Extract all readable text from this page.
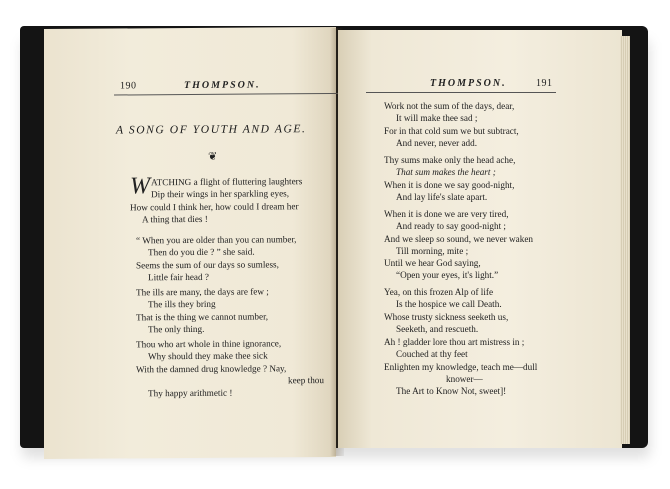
190	THOMPSON.
A SONG OF YOUTH AND AGE.
❦
W ATCHING a flight of fluttering laughters
Dip their wings in her sparkling eyes,
How could I think her, how could I dream her
A thing that dies !
“ When you are older than you can number,
Then do you die ? ” she said.
Seems the sum of our days so sumless,
Little fair head ?
The ills are many, the days are few ;
The ills they bring
That is the thing we cannot number,
The only thing.
Thou who art whole in thine ignorance,
Why should they make thee sick
With the damned drug knowledge ? Nay,
keep thou
Thy happy arithmetic !
THOMPSON.	191
Work not the sum of the days, dear,
It will make thee sad ;
For in that cold sum we but subtract,
And never, never add.
Thy sums make only the head ache,
That sum makes the heart ;
When it is done we say good-night,
And lay life's slate apart.
When it is done we are very tired,
And ready to say good-night ;
And we sleep so sound, we never waken
Till morning, mite ;
Until we hear God saying,
“Open your eyes, it's light.”
Yea, on this frozen Alp of life
Is the hospice we call Death.
Whose trusty sickness seeketh us,
Seeketh, and rescueth.
Ah ! gladder lore thou art mistress in ;
Couched at thy feet
Enlighten my knowledge, teach me—dull
knower—
The Art to Know Not, sweet]!
